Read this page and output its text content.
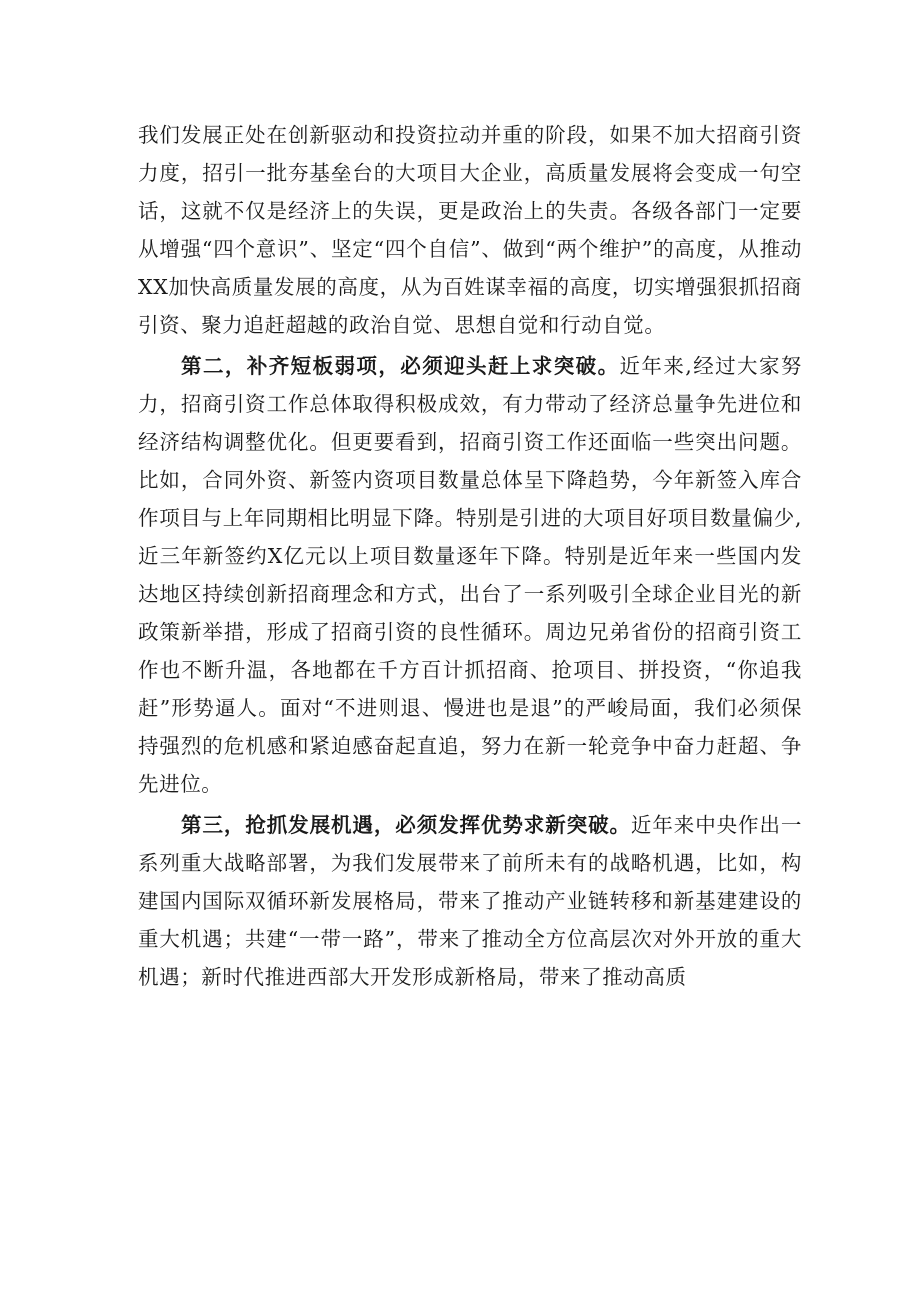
我们发展正处在创新驱动和投资拉动并重的阶段，如果不加大招商引资力度，招引一批夯基垒台的大项目大企业，高质量发展将会变成一句空话，这就不仅是经济上的失误，更是政治上的失责。各级各部门一定要从增强“四个意识”、坚定“四个自信”、做到“两个维护”的高度，从推动XX加快高质量发展的高度，从为百姓谋幸福的高度，切实增强狠抓招商引资、聚力追赶超越的政治自觉、思想自觉和行动自觉。

第二，补齐短板弱项，必须迎头赶上求突破。近年来,经过大家努力，招商引资工作总体取得积极成效，有力带动了经济总量争先进位和经济结构调整优化。但更要看到，招商引资工作还面临一些突出问题。比如，合同外资、新签内资项目数量总体呈下降趋势，今年新签入库合作项目与上年同期相比明显下降。特别是引进的大项目好项目数量偏少,近三年新签约X亿元以上项目数量逐年下降。特别是近年来一些国内发达地区持续创新招商理念和方式，出台了一系列吸引全球企业目光的新政策新举措，形成了招商引资的良性循环。周边兄弟省份的招商引资工作也不断升温，各地都在千方百计抓招商、抢项目、拼投资，“你追我赶”形势逼人。面对“不进则退、慢进也是退”的严峻局面，我们必须保持强烈的危机感和紧迫感奋起直追，努力在新一轮竞争中奋力赶超、争先进位。

第三，抢抓发展机遇，必须发挥优势求新突破。近年来中央作出一系列重大战略部署，为我们发展带来了前所未有的战略机遇，比如，构建国内国际双循环新发展格局，带来了推动产业链转移和新基建建设的重大机遇；共建“一带一路”，带来了推动全方位高层次对外开放的重大机遇；新时代推进西部大开发形成新格局，带来了推动高质
